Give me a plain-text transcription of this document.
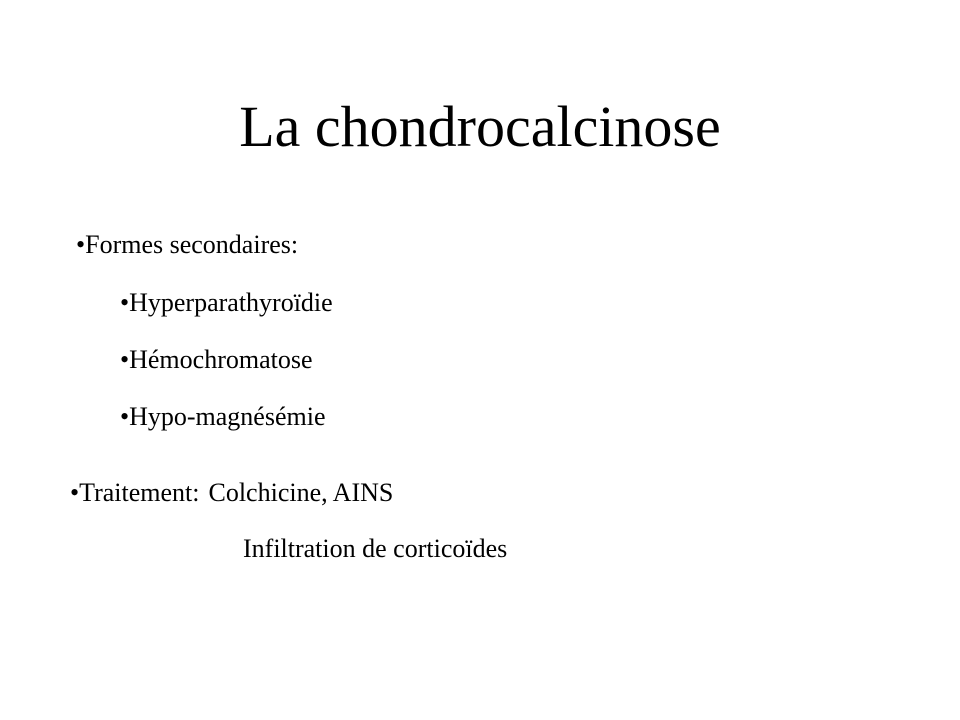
La chondrocalcinose
•Formes secondaires:
•Hyperparathyroïdie
•Hémochromatose
•Hypo-magnésémie
•Traitement: Colchicine, AINS
Infiltration de corticoïdes
